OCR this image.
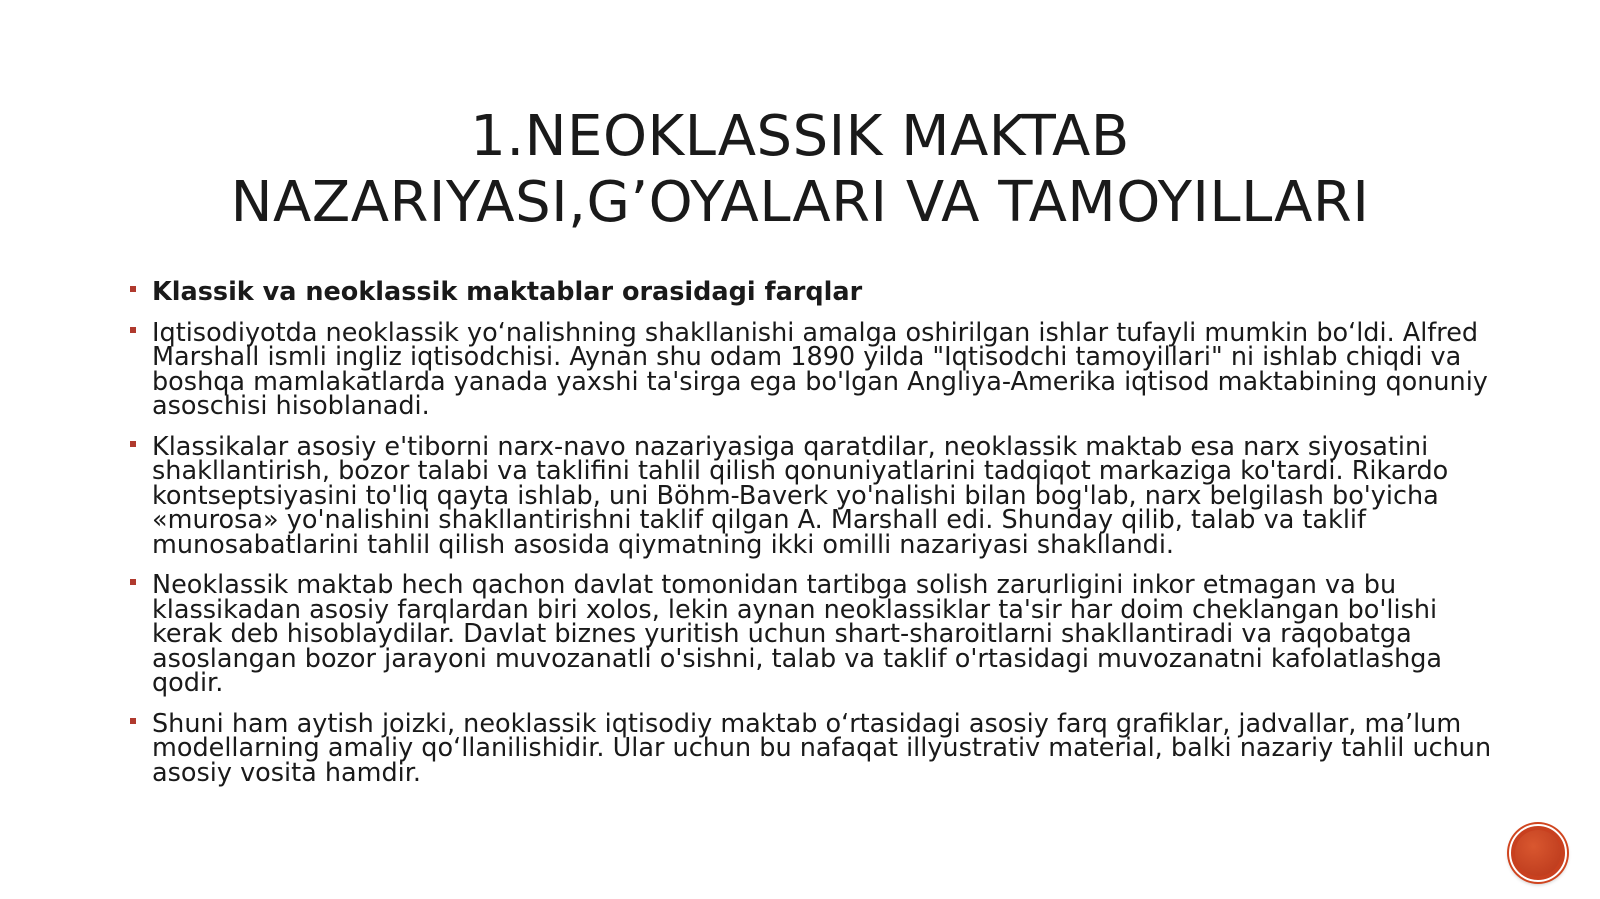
1.NEOKLASSIK MAKTAB
NAZARIYASI,G’OYALARI VA TAMOYILLARI
Klassik va neoklassik maktablar orasidagi farqlar
Iqtisodiyotda neoklassik yo‘nalishning shakllanishi amalga oshirilgan ishlar tufayli mumkin bo‘ldi. Alfred Marshall ismli ingliz iqtisodchisi. Aynan shu odam 1890 yilda "Iqtisodchi tamoyillari" ni ishlab chiqdi va boshqa mamlakatlarda yanada yaxshi ta'sirga ega bo'lgan Angliya-Amerika iqtisod maktabining qonuniy asoschisi hisoblanadi.
Klassikalar asosiy e'tiborni narx-navo nazariyasiga qaratdilar, neoklassik maktab esa narx siyosatini shakllantirish, bozor talabi va taklifini tahlil qilish qonuniyatlarini tadqiqot markaziga ko'tardi. Rikardo kontseptsiyasini to'liq qayta ishlab, uni Böhm-Baverk yo'nalishi bilan bog'lab, narx belgilash bo'yicha «murosa» yo'nalishini shakllantirishni taklif qilgan A. Marshall edi. Shunday qilib, talab va taklif munosabatlarini tahlil qilish asosida qiymatning ikki omilli nazariyasi shakllandi.
Neoklassik maktab hech qachon davlat tomonidan tartibga solish zarurligini inkor etmagan va bu klassikadan asosiy farqlardan biri xolos, lekin aynan neoklassiklar ta'sir har doim cheklangan bo'lishi kerak deb hisoblaydilar. Davlat biznes yuritish uchun shart-sharoitlarni shakllantiradi va raqobatga asoslangan bozor jarayoni muvozanatli o'sishni, talab va taklif o'rtasidagi muvozanatni kafolatlashga qodir.
Shuni ham aytish joizki, neoklassik iqtisodiy maktab o‘rtasidagi asosiy farq grafiklar, jadvallar, ma’lum modellarning amaliy qo‘llanilishidir. Ular uchun bu nafaqat illyustrativ material, balki nazariy tahlil uchun asosiy vosita hamdir.
